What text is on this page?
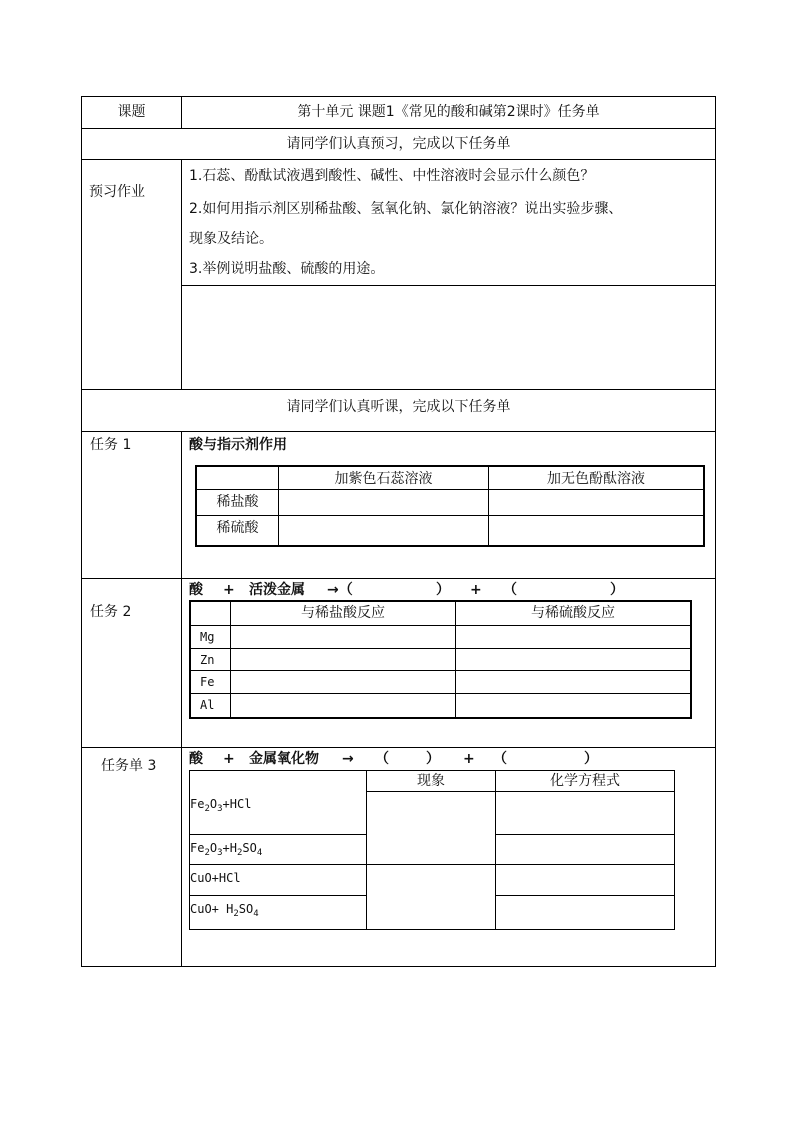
课题	第十单元 课题1《常见的酸和碱第2课时》任务单
请同学们认真预习，完成以下任务单
预习作业
1.石蕊、酚酞试液遇到酸性、碱性、中性溶液时会显示什么颜色？
2.如何用指示剂区别稀盐酸、氢氧化钠、氯化钠溶液？说出实验步骤、
现象及结论。
3.举例说明盐酸、硫酸的用途。
请同学们认真听课，完成以下任务单
任务 1	酸与指示剂作用
加紫色石蕊溶液	加无色酚酞溶液
稀盐酸
稀硫酸
任务 2
酸 + 活泼金属 →（	） + （	）
与稀盐酸反应	与稀硫酸反应
Mg
Zn
Fe
Al
任务单 3 酸 + 金属氧化物 → （	） + （	）
现象	化学方程式
$Fe_2O_3+HCl$
$Fe_2O_3+H_2SO_4$
CuO+HCl
$CuO+ H_2SO_4$
